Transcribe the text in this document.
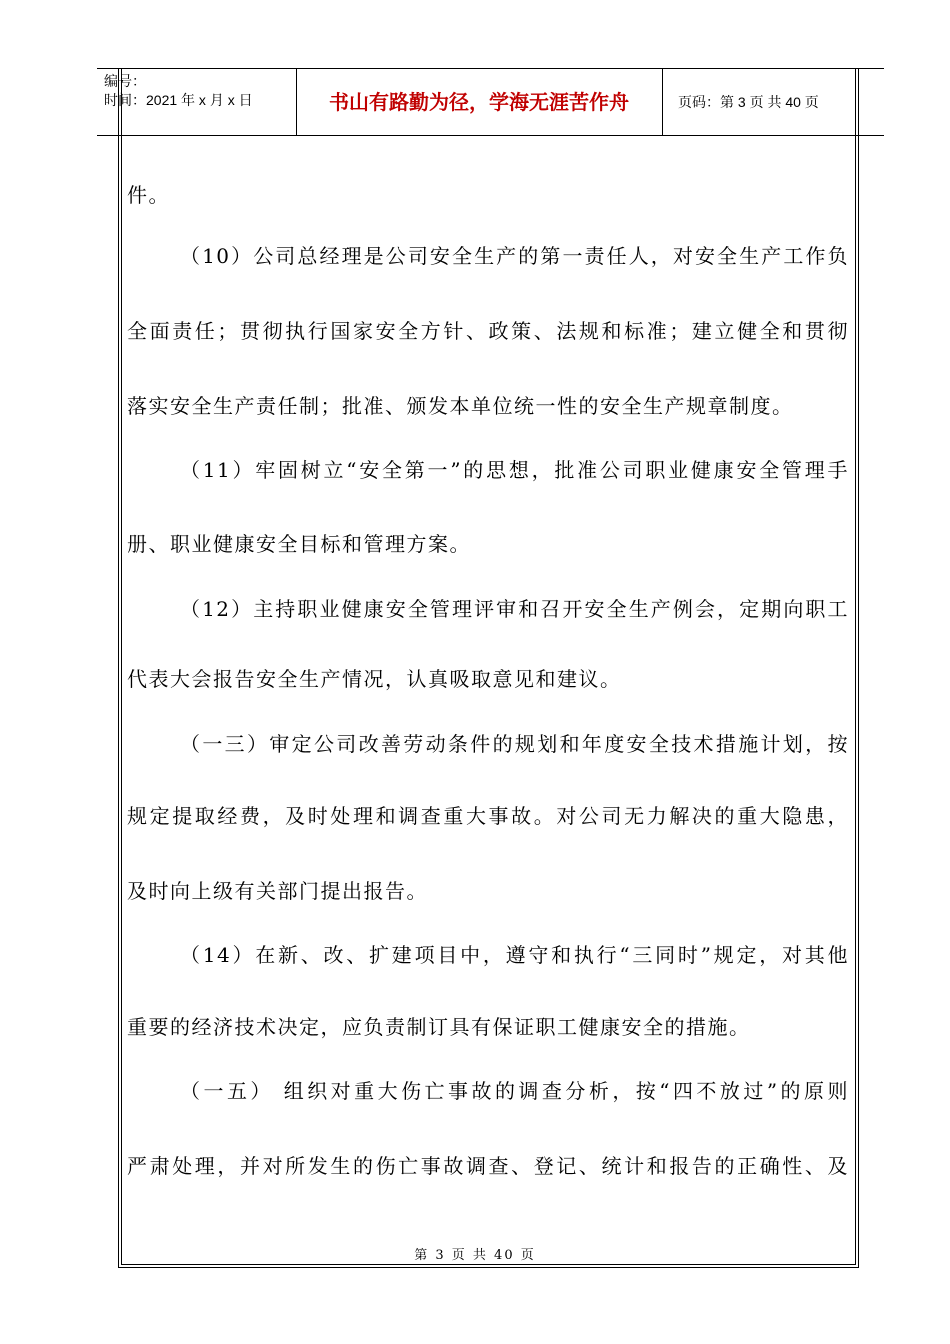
编号：
时间：2021 年 x 月 x 日	书山有路勤为径，学海无涯苦作舟	页码：第 3 页 共 40 页
件。
（10）公司总经理是公司安全生产的第一责任人，对安全生产工作负
全面责任；贯彻执行国家安全方针、政策、法规和标准；建立健全和贯彻
落实安全生产责任制；批准、颁发本单位统一性的安全生产规章制度。
（11）牢固树立“安全第一”的思想，批准公司职业健康安全管理手
册、职业健康安全目标和管理方案。
（12）主持职业健康安全管理评审和召开安全生产例会，定期向职工
代表大会报告安全生产情况，认真吸取意见和建议。
（一三）审定公司改善劳动条件的规划和年度安全技术措施计划，按
规定提取经费，及时处理和调查重大事故。对公司无力解决的重大隐患，
及时向上级有关部门提出报告。
（14）在新、改、扩建项目中，遵守和执行“三同时”规定，对其他
重要的经济技术决定，应负责制订具有保证职工健康安全的措施。
（一五） 组织对重大伤亡事故的调查分析，按“四不放过”的原则
严肃处理，并对所发生的伤亡事故调查、登记、统计和报告的正确性、及
第 3 页 共 40 页
